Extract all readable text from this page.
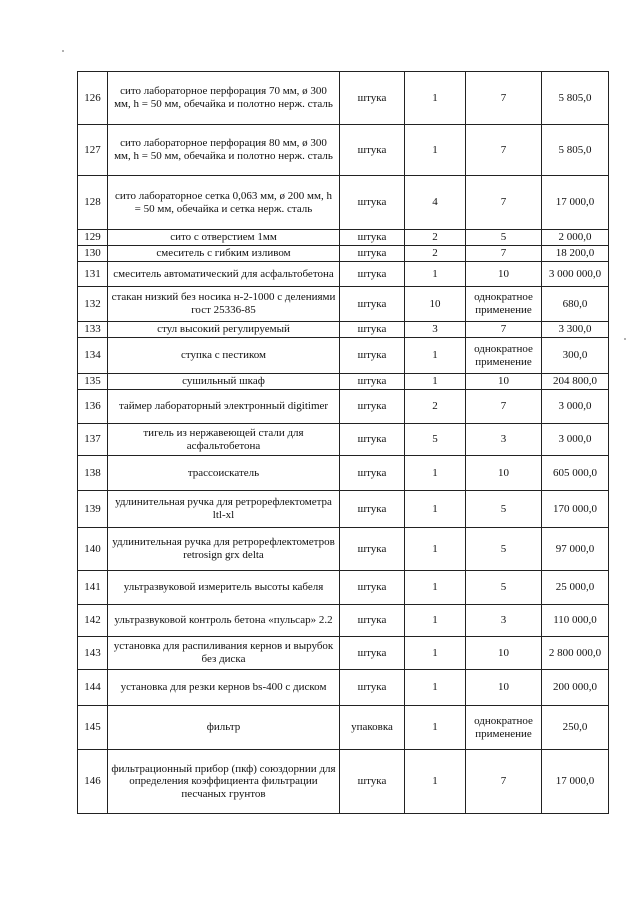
126	сито лабораторное перфорация 70 мм, ø 300 мм, h = 50 мм, обечайка и полотно нерж. сталь	штука	1	7	5 805,0
127	сито лабораторное перфорация 80 мм, ø 300 мм, h = 50 мм, обечайка и полотно нерж. сталь	штука	1	7	5 805,0
128	сито лабораторное сетка 0,063 мм, ø 200 мм, h = 50 мм, обечайка и сетка нерж. сталь	штука	4	7	17 000,0
129	сито с отверстием 1мм	штука	2	5	2 000,0
130	смеситель с гибким изливом	штука	2	7	18 200,0
131	смеситель автоматический для асфальтобетона	штука	1	10	3 000 000,0
132	стакан низкий без носика н-2-1000 с делениями гост 25336-85	штука	10	однократное применение	680,0
133	стул высокий регулируемый	штука	3	7	3 300,0
134	ступка с пестиком	штука	1	однократное применение	300,0
135	сушильный шкаф	штука	1	10	204 800,0
136	таймер лабораторный электронный digitimer	штука	2	7	3 000,0
137	тигель из нержавеющей стали для асфальтобетона	штука	5	3	3 000,0
138	трассоискатель	штука	1	10	605 000,0
139	удлинительная ручка для ретрорефлектометра ltl-xl	штука	1	5	170 000,0
140	удлинительная ручка для ретрорефлектометров retrosign grx delta	штука	1	5	97 000,0
141	ультразвуковой измеритель высоты кабеля	штука	1	5	25 000,0
142	ультразвуковой контроль бетона «пульсар» 2.2	штука	1	3	110 000,0
143	установка для распиливания кернов и вырубок без диска	штука	1	10	2 800 000,0
144	установка для резки кернов bs-400 с диском	штука	1	10	200 000,0
145	фильтр	упаковка	1	однократное применение	250,0
146	фильтрационный прибор (пкф) союздорнии для определения коэффициента фильтрации песчаных грунтов	штука	1	7	17 000,0
